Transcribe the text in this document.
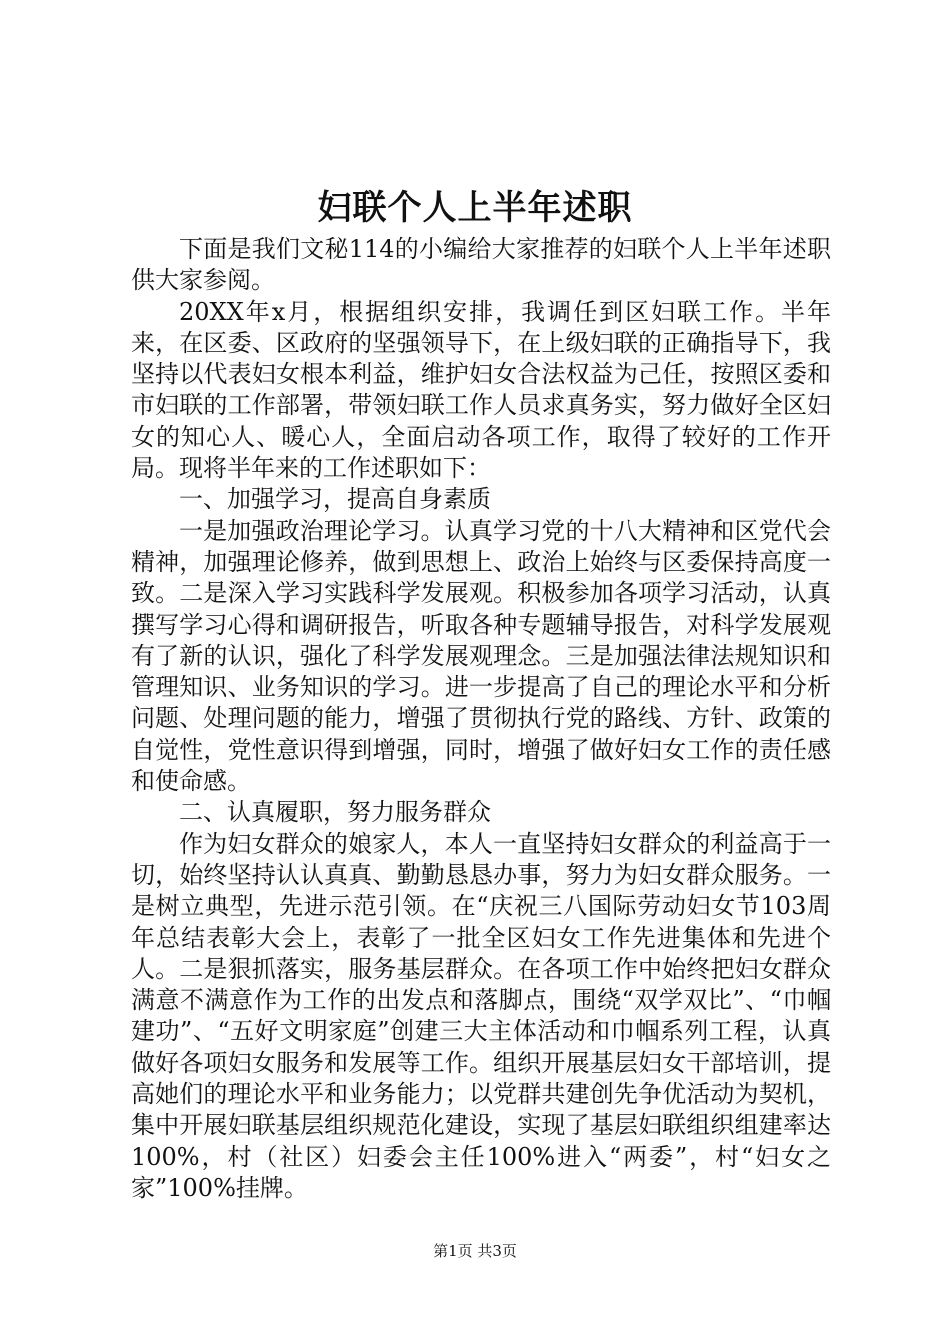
妇联个人上半年述职

下面是我们文秘114的小编给大家推荐的妇联个人上半年述职供大家参阅。

20XX年x月，根据组织安排，我调任到区妇联工作。半年来，在区委、区政府的坚强领导下，在上级妇联的正确指导下，我坚持以代表妇女根本利益，维护妇女合法权益为己任，按照区委和市妇联的工作部署，带领妇联工作人员求真务实，努力做好全区妇女的知心人、暖心人，全面启动各项工作，取得了较好的工作开局。现将半年来的工作述职如下：

一、加强学习，提高自身素质

一是加强政治理论学习。认真学习党的十八大精神和区党代会精神，加强理论修养，做到思想上、政治上始终与区委保持高度一致。二是深入学习实践科学发展观。积极参加各项学习活动，认真撰写学习心得和调研报告，听取各种专题辅导报告，对科学发展观有了新的认识，强化了科学发展观理念。三是加强法律法规知识和管理知识、业务知识的学习。进一步提高了自己的理论水平和分析问题、处理问题的能力，增强了贯彻执行党的路线、方针、政策的自觉性，党性意识得到增强，同时，增强了做好妇女工作的责任感和使命感。

二、认真履职，努力服务群众

作为妇女群众的娘家人，本人一直坚持妇女群众的利益高于一切，始终坚持认认真真、勤勤恳恳办事，努力为妇女群众服务。一是树立典型，先进示范引领。在“庆祝三八国际劳动妇女节103周年总结表彰大会上，表彰了一批全区妇女工作先进集体和先进个人。二是狠抓落实，服务基层群众。在各项工作中始终把妇女群众满意不满意作为工作的出发点和落脚点，围绕“双学双比”、“巾帼建功”、“五好文明家庭”创建三大主体活动和巾帼系列工程，认真做好各项妇女服务和发展等工作。组织开展基层妇女干部培训，提高她们的理论水平和业务能力；以党群共建创先争优活动为契机，集中开展妇联基层组织规范化建设，实现了基层妇联组织组建率达100%，村（社区）妇委会主任100%进入“两委”，村“妇女之家”100%挂牌。

第1页 共3页
